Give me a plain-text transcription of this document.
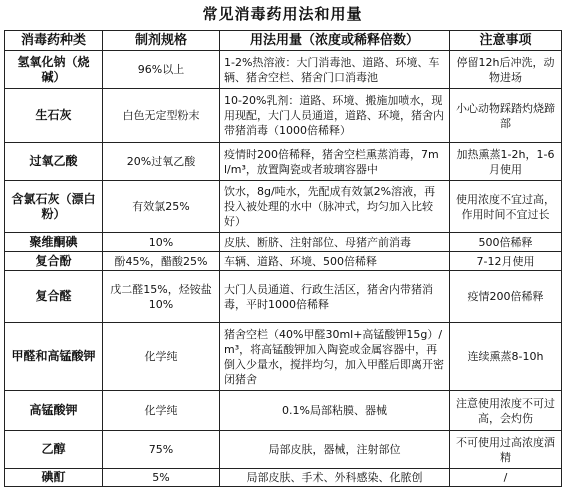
常见消毒药用法和用量
消毒药种类	制剂规格	用法用量（浓度或稀释倍数）	注意事项
氢氧化钠（烧碱）	96%以上	1-2%热溶液：大门消毒池、道路、环境、车辆、猪舍空栏、猪舍门口消毒池	停留12h后冲洗，动物进场
生石灰	白色无定型粉末	10-20%乳剂：道路、环境、搬施加喷水，现用现配，大门人员通道，道路、环境，猪舍内带猪消毒（1000倍稀释）	小心动物踩踏灼烧蹄部
过氧乙酸	20%过氧乙酸	疫情时200倍稀释，猪舍空栏熏蒸消毒，7ml/m³，放置陶瓷或者玻璃容器中	加热熏蒸1-2h，1-6月使用
含氯石灰（漂白粉）	有效氯25%	饮水，8g/吨水，先配成有效氯2%溶液，再投入被处理的水中（脉冲式，均匀加入比较好）	使用浓度不宜过高，作用时间不宜过长
聚维酮碘	10%	皮肤、断脐、注射部位、母猪产前消毒	500倍稀释
复合酚	酚45%，醋酸25%	车辆、道路、环境、500倍稀释	7-12月使用
复合醛	戊二醛15%，烃铵盐10%	大门人员通道、行政生活区，猪舍内带猪消毒，平时1000倍稀释	疫情200倍稀释
甲醛和高锰酸钾	化学纯	猪舍空栏（40%甲醛30ml+高锰酸钾15g）/m³，将高锰酸钾加入陶瓷或金属容器中，再倒入少量水，搅拌均匀，加入甲醛后即离开密闭猪舍	连续熏蒸8-10h
高锰酸钾	化学纯	0.1%局部粘膜、器械	注意使用浓度不可过高，会灼伤
乙醇	75%	局部皮肤，器械，注射部位	不可使用过高浓度酒精
碘酊	5%	局部皮肤、手术、外科感染、化脓创	/
